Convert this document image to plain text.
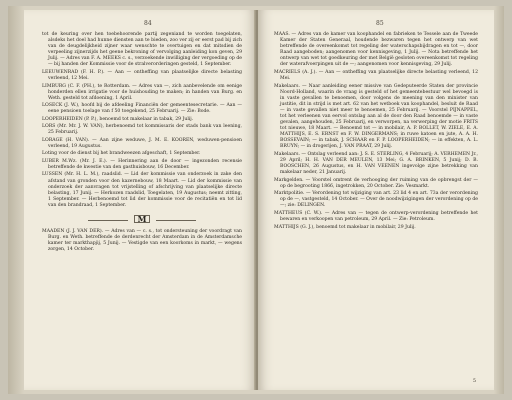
84

tot de keuring over hen toebehoorende partij zegeniand te worden toegelaten, alsdeks het doel had hunne diensten aan te bieden, zoo ver zij er eerst pad bij zich van de deugdelijkheid zijner waar wenschte te overtuigen en dat mitsdien de verpeeling zijnerzijds het geene bekroning of vervolging aanleiding kon geven, 29 Julij. — Adres van F. A. MEEKS c. s., verzoekende inwilliging der vergoeding op de — bij handen der Kommissie voor de stralverorderingen gesteld, 1 September.

LEEUWENRAD (F. H. P.). — Aan — ontheffing van plaatselijke directe belasting verleend, 12 Mei.

LIMBURG (C. F. (PH.), te Rotterdam. — Adres van —, zich aanbevelende om eenige honderden ellen irrigatie voor de huishouding te maken; in handen van Burg. en Weth. gesteld tot afdoening, 1 April.

LOSECK (J. W.), hoofd bij de afdeeling Financiën der gemeentesecretarie. — Aan — eene pensioen toelage van f 50 toegekend, 25 Februarij. — Zie: Bode.

LOOPERHEIDEN (P. P.), benoemd tot makelaar in tabak, 29 Julij.

LORS (Mr. Mr. J. W. VAN), herbenoemd tot kommissaris der stads bank van leening, 25 Februarij.

LORAGE (H. VAN). — Aan zijne weduwe, J. M. E. KOOREN, weduwen-pensioen verleend, 19 Augustus.

Loting voor de dienst bij het brandweezen afgeschaft, 1 September.

LUBER M.Wz. (Mr. J. E.). — Herinnering aan de door — ingezonden recensie betreffende de kwestie van den gasthuisbouw, 16 December.

LUSSEN (Mr. H. L. M.), raadslid. — Lid der kommissie van onderzoek in zake den afstand van gronden voor den kazernebouw, 18 Maart. — Lid der kommissie van onderzoek der aanvragen tot vrijstelling of afschrijving van plaatselijke directe belasting, 17 Junij. — Herkozen raadslid, Toegelaten, 19 Augustus; neemt zitting, 1 September. — Herbenoemd tot lid der kommissie voor de recitatiën en tot lid van den brandraad, 1 September.

M

MAADEN (J. J. VAN DER). — Adres van — c. s., tot ondersteuning der voordragt van Burg. en Weth. betreffende de derdenrecht der Amsterdam in de Amsterdamsche kamer ter markthapjij, 5 Junij. — Vestigde van een koorkoms in markt, — wegens zorgen, 14 October.

85

MAAS. — Adres van de kamer van koophandel en fabrieken te Tessele aan de Tweede Kamer der Staten Generaal, houdende bezwaren tegen het ontwerp van wet betreffende de overeenkomst tot regeling der waterschapsbijdragen en tot —, door Raad aangeboden; aangenomen voor kennisgeving, 1 Julij. — Nota betreffende het ontwerp van wet tot goedkeuring der met België gesloten overeenkomst tot regeling der waterafvoerpingen uit de —; aangenomen voor kennisgeving, 29 Julij.

MACRIELS (A. J.). — Aan — ontheffing van plaatselijke directe belasting verleend, 12 Mei.

Makelaars. — Naar aanleiding eener missive van Gedeputeerde Staten der provincie Noord-Holland, waarin de vraag is gesteld of het gemeentebestuur wel bevoegd is in vaste gevallen te benoemen, door volgens de meening van den minister van justitie, dit in strijd is met art. 62 van het wetboek van koophandel, besluit de Raad — in vaste gevallen niet meer te benoemen, 25 Februarij. — Voorstel PIJNAPPEL, tot het verleenen van eervol ontslag aan al de door den Raad benoemde — in vaste gevalen, aangehouden, 25 Februarij, en verworpen, na verwerping der motie FRITS tot nieuwe, 18 Maart. — Benoemd tot — in mobilair, A. P. BOLLET, W. ZIELE, E. A. MATTHIJS, E. S. ERNST en F. W. DINGERMANS; in ruwe katoen en jute, A. A. H. BOSSEVAIN; — in tabak, J. SCHAAR en F. P. LOOPERHEIDEN; — in effekten, A. L. BRUYN; — in drogerijen, J. VAN PRAAT, 29 Julij.

Makelaars. — Ontslag verleend aan: J. S. E. STERLING, 4 Februarij; A. VERHEMEN Jr., 29 April; H. H. VAN DER MEULEN, 13 Mei; G. A. BRINKEN, 5 Junij; D. B. BOOSCHEN, 26 Augustus, en H. VAN VEENEN ingevolge zijne betrekking van makelaar neder, 21 Januarij.

Markgelden. — Voorstel omtrent de verhooging der ruiming van de opbrengst der — op de begrooting 1866, ingetrokken, 20 October. Zie: Vesmarkt.

Marktpolitie. — Verordening tot wijziging van art. 23 lid 4 en art. 73a der verordening op de —, vastgesteld, 14 October. — Over de noodwijzigingen der verordening op de —; zie: DELINGEN.

MATTHEUS (C. W.). — Adres van — tegen de ontwerp-verordening betreffende het bewaren en verkoopen van petroleum, 29 April. — Zie: Petroleum.

MATTHIJS (G. J.), benoemd tot makelaar in mobilair, 29 Julij.

5
